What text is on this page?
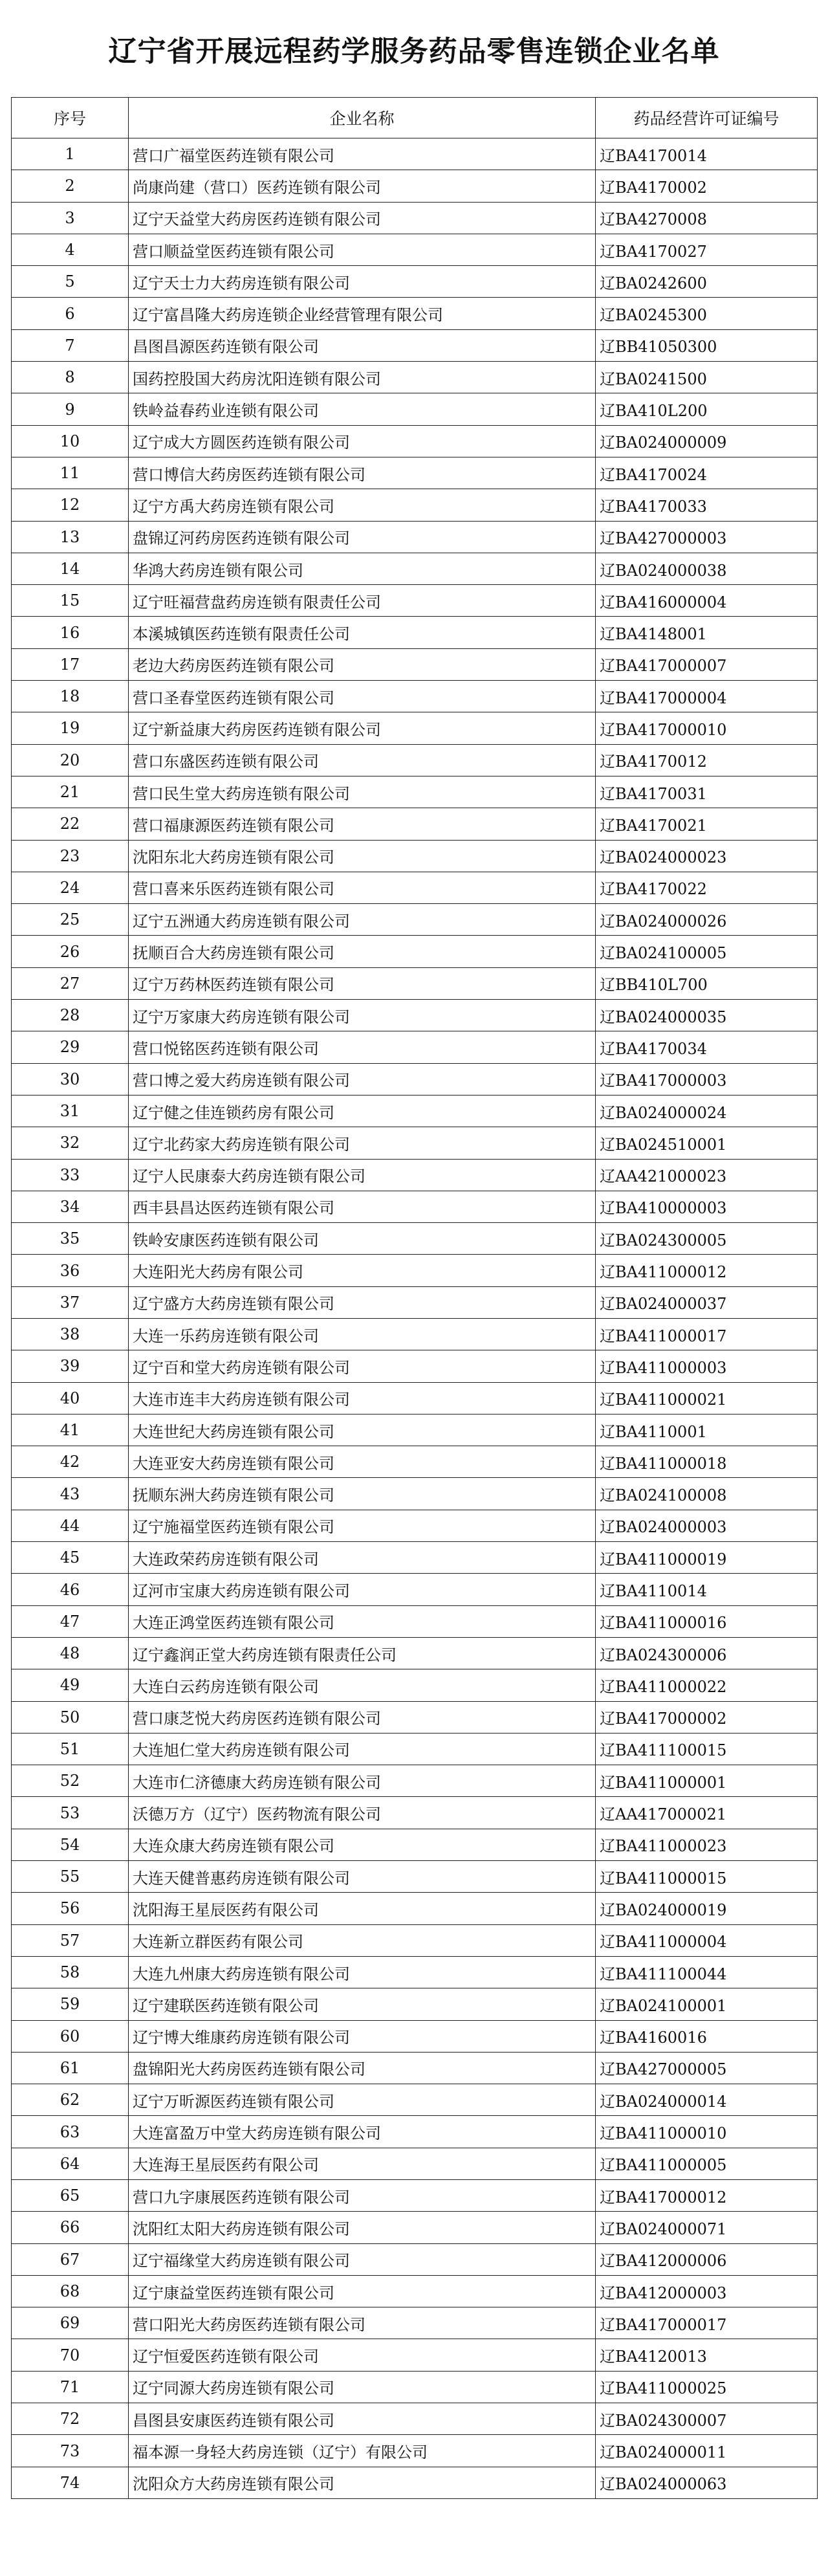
辽宁省开展远程药学服务药品零售连锁企业名单
序号	企业名称	药品经营许可证编号
1	营口广福堂医药连锁有限公司	辽BA4170014
2	尚康尚建（营口）医药连锁有限公司	辽BA4170002
3	辽宁天益堂大药房医药连锁有限公司	辽BA4270008
4	营口顺益堂医药连锁有限公司	辽BA4170027
5	辽宁天士力大药房连锁有限公司	辽BA0242600
6	辽宁富昌隆大药房连锁企业经营管理有限公司	辽BA0245300
7	昌图昌源医药连锁有限公司	辽BB41050300
8	国药控股国大药房沈阳连锁有限公司	辽BA0241500
9	铁岭益春药业连锁有限公司	辽BA410L200
10	辽宁成大方圆医药连锁有限公司	辽BA024000009
11	营口博信大药房医药连锁有限公司	辽BA4170024
12	辽宁方禹大药房连锁有限公司	辽BA4170033
13	盘锦辽河药房医药连锁有限公司	辽BA427000003
14	华鸿大药房连锁有限公司	辽BA024000038
15	辽宁旺福营盘药房连锁有限责任公司	辽BA416000004
16	本溪城镇医药连锁有限责任公司	辽BA4148001
17	老边大药房医药连锁有限公司	辽BA417000007
18	营口圣春堂医药连锁有限公司	辽BA417000004
19	辽宁新益康大药房医药连锁有限公司	辽BA417000010
20	营口东盛医药连锁有限公司	辽BA4170012
21	营口民生堂大药房连锁有限公司	辽BA4170031
22	营口福康源医药连锁有限公司	辽BA4170021
23	沈阳东北大药房连锁有限公司	辽BA024000023
24	营口喜来乐医药连锁有限公司	辽BA4170022
25	辽宁五洲通大药房连锁有限公司	辽BA024000026
26	抚顺百合大药房连锁有限公司	辽BA024100005
27	辽宁万药林医药连锁有限公司	辽BB410L700
28	辽宁万家康大药房连锁有限公司	辽BA024000035
29	营口悦铭医药连锁有限公司	辽BA4170034
30	营口博之爱大药房连锁有限公司	辽BA417000003
31	辽宁健之佳连锁药房有限公司	辽BA024000024
32	辽宁北药家大药房连锁有限公司	辽BA024510001
33	辽宁人民康泰大药房连锁有限公司	辽AA421000023
34	西丰县昌达医药连锁有限公司	辽BA410000003
35	铁岭安康医药连锁有限公司	辽BA024300005
36	大连阳光大药房有限公司	辽BA411000012
37	辽宁盛方大药房连锁有限公司	辽BA024000037
38	大连一乐药房连锁有限公司	辽BA411000017
39	辽宁百和堂大药房连锁有限公司	辽BA411000003
40	大连市连丰大药房连锁有限公司	辽BA411000021
41	大连世纪大药房连锁有限公司	辽BA4110001
42	大连亚安大药房连锁有限公司	辽BA411000018
43	抚顺东洲大药房连锁有限公司	辽BA024100008
44	辽宁施福堂医药连锁有限公司	辽BA024000003
45	大连政荣药房连锁有限公司	辽BA411000019
46	辽河市宝康大药房连锁有限公司	辽BA4110014
47	大连正鸿堂医药连锁有限公司	辽BA411000016
48	辽宁鑫润正堂大药房连锁有限责任公司	辽BA024300006
49	大连白云药房连锁有限公司	辽BA411000022
50	营口康芝悦大药房医药连锁有限公司	辽BA417000002
51	大连旭仁堂大药房连锁有限公司	辽BA411100015
52	大连市仁济德康大药房连锁有限公司	辽BA411000001
53	沃德万方（辽宁）医药物流有限公司	辽AA417000021
54	大连众康大药房连锁有限公司	辽BA411000023
55	大连天健普惠药房连锁有限公司	辽BA411000015
56	沈阳海王星辰医药有限公司	辽BA024000019
57	大连新立群医药有限公司	辽BA411000004
58	大连九州康大药房连锁有限公司	辽BA411100044
59	辽宁建联医药连锁有限公司	辽BA024100001
60	辽宁博大维康药房连锁有限公司	辽BA4160016
61	盘锦阳光大药房医药连锁有限公司	辽BA427000005
62	辽宁万昕源医药连锁有限公司	辽BA024000014
63	大连富盈万中堂大药房连锁有限公司	辽BA411000010
64	大连海王星辰医药有限公司	辽BA411000005
65	营口九字康展医药连锁有限公司	辽BA417000012
66	沈阳红太阳大药房连锁有限公司	辽BA024000071
67	辽宁福缘堂大药房连锁有限公司	辽BA412000006
68	辽宁康益堂医药连锁有限公司	辽BA412000003
69	营口阳光大药房医药连锁有限公司	辽BA417000017
70	辽宁恒爱医药连锁有限公司	辽BA4120013
71	辽宁同源大药房连锁有限公司	辽BA411000025
72	昌图县安康医药连锁有限公司	辽BA024300007
73	福本源一身轻大药房连锁（辽宁）有限公司	辽BA024000011
74	沈阳众方大药房连锁有限公司	辽BA024000063
